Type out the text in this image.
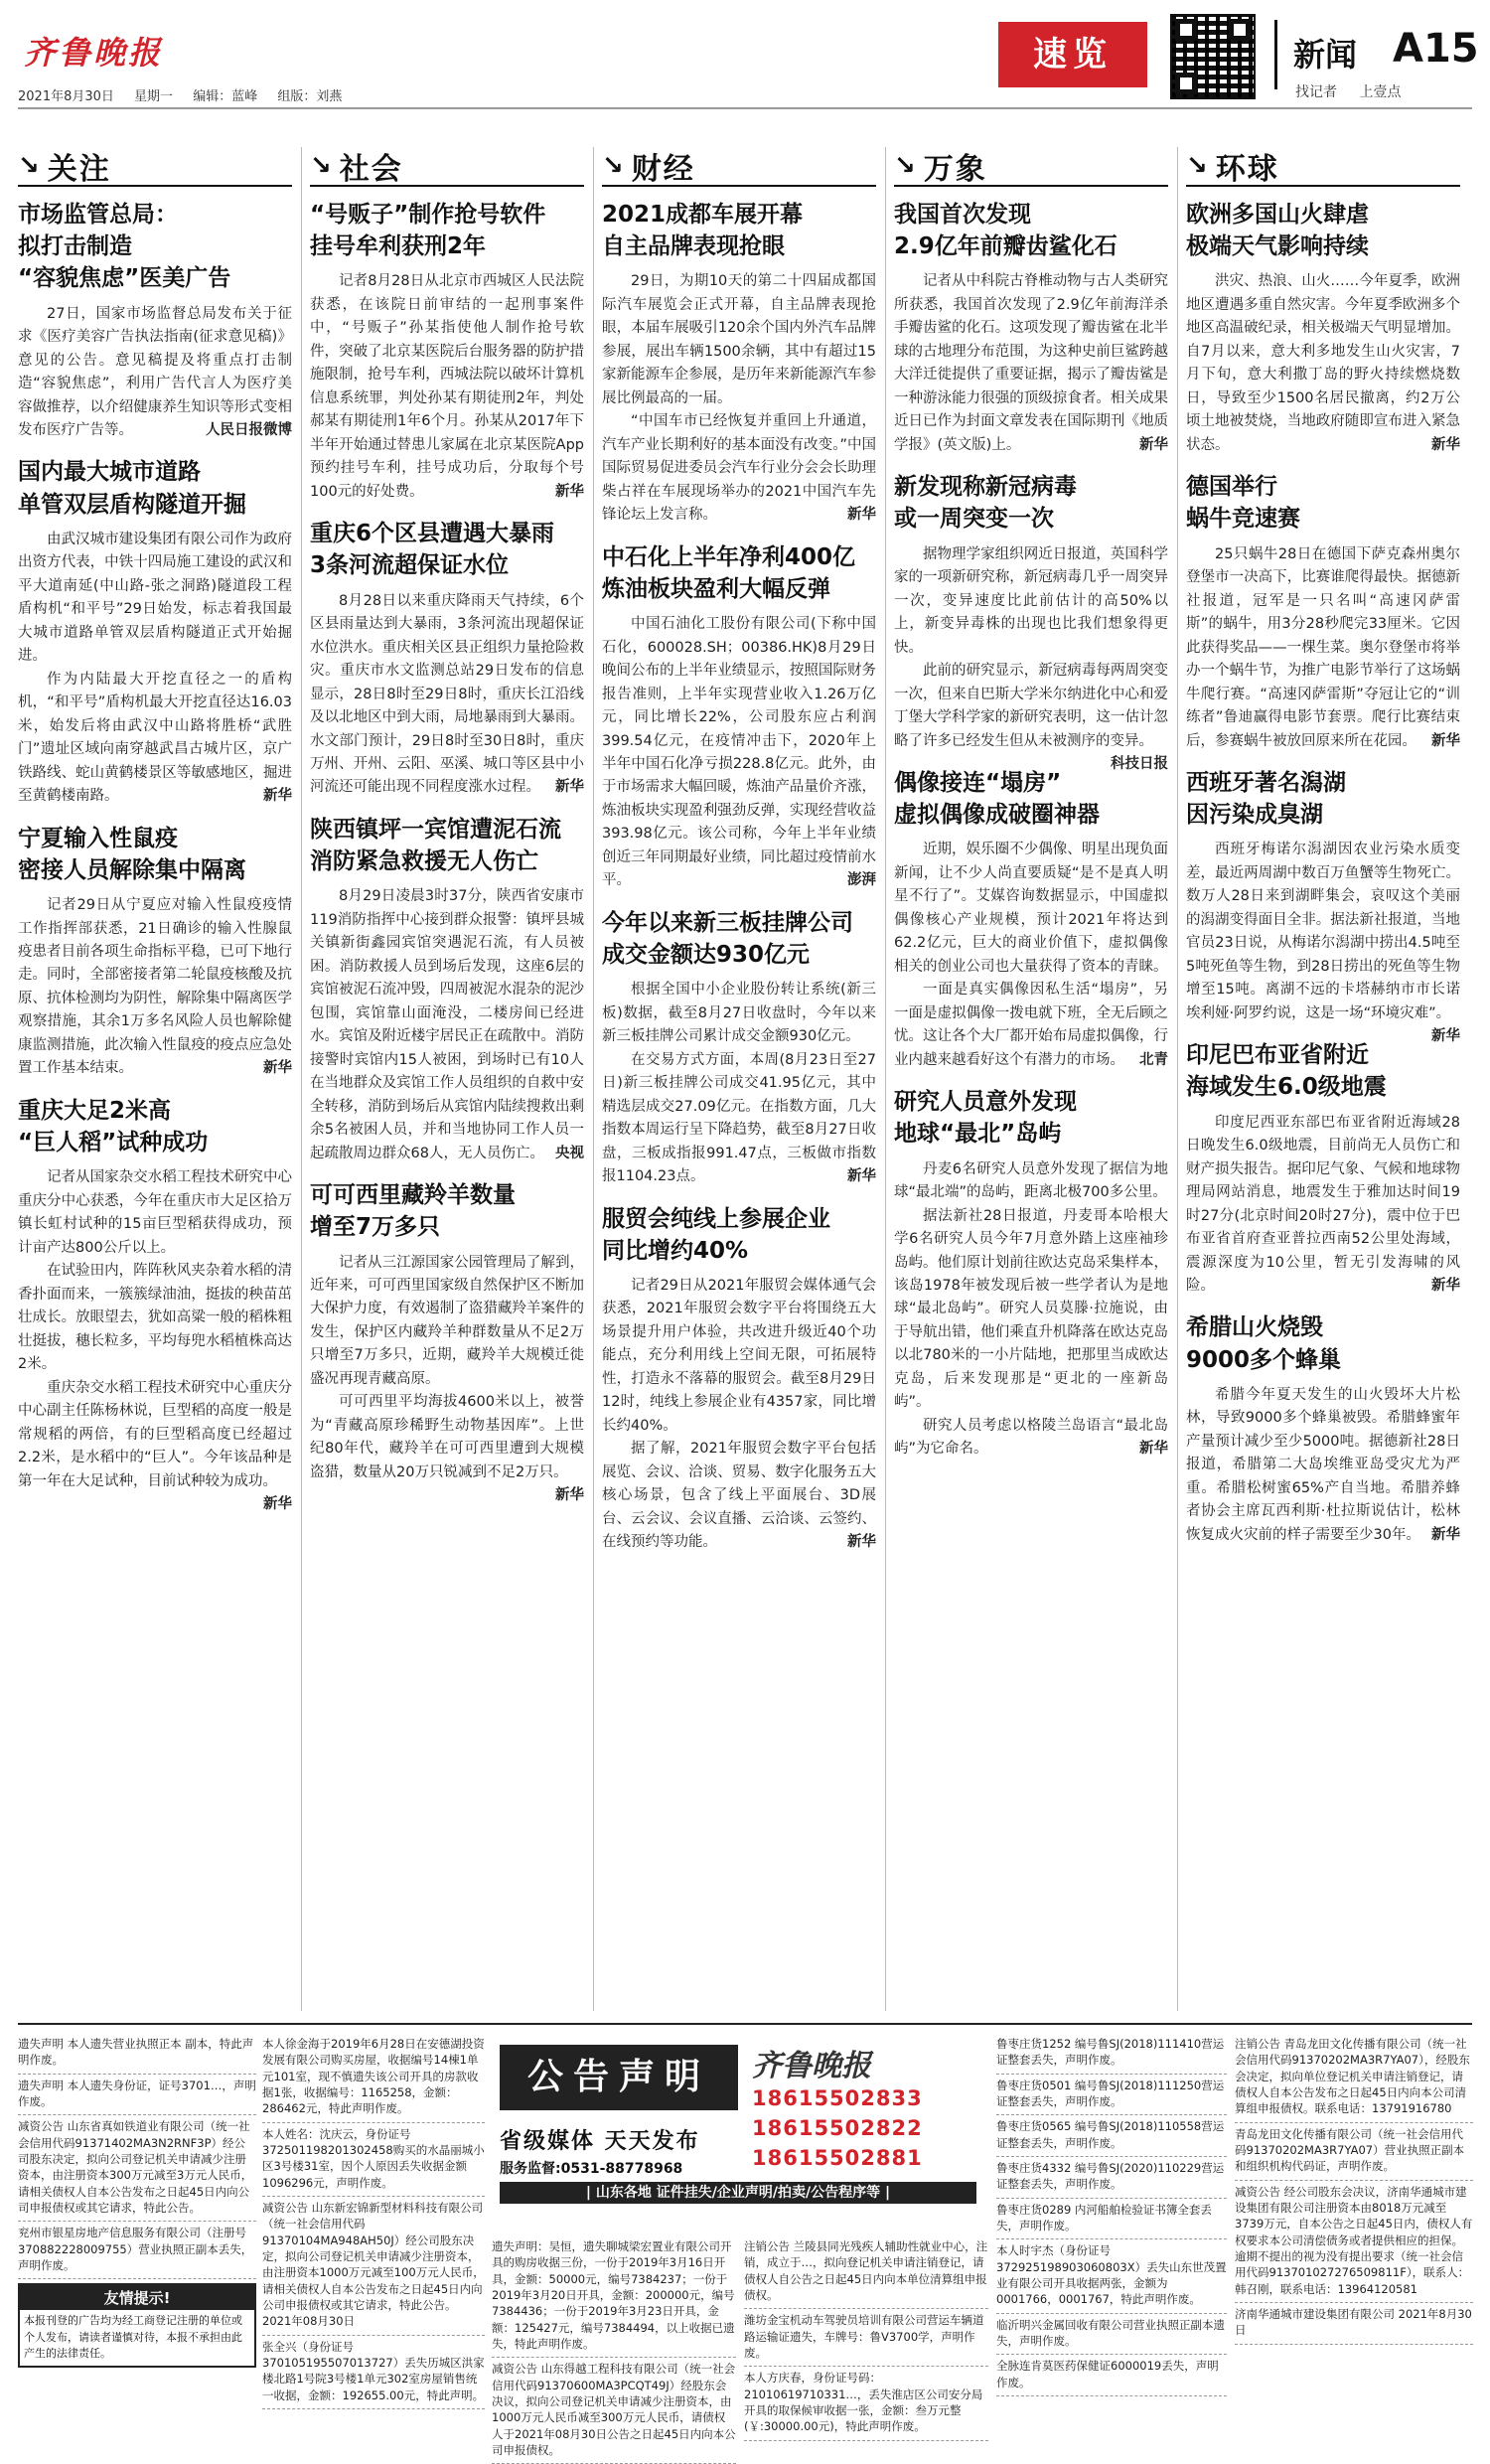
齐鲁晚报
2021年8月30日 星期一 编辑：蓝峰 组版：刘燕
速览	新闻 A15
找记者 上壹点
↘ 关注
市场监管总局：
拟打击制造
“容貌焦虑”医美广告

27日，国家市场监督总局发布关于征求《医疗美容广告执法指南(征求意见稿)》意见的公告。意见稿提及将重点打击制造“容貌焦虑”，利用广告代言人为医疗美容做推荐，以介绍健康养生知识等形式变相发布医疗广告等。	人民日报微博

国内最大城市道路
单管双层盾构隧道开掘

由武汉城市建设集团有限公司作为政府出资方代表，中铁十四局施工建设的武汉和平大道南延(中山路-张之洞路)隧道段工程盾构机“和平号”29日始发，标志着我国最大城市道路单管双层盾构隧道正式开始掘进。

作为内陆最大开挖直径之一的盾构机，“和平号”盾构机最大开挖直径达16.03米，始发后将由武汉中山路将胜桥“武胜门”遗址区域向南穿越武昌古城片区，京广铁路线、蛇山黄鹤楼景区等敏感地区，掘进至黄鹤楼南路。	新华

宁夏输入性鼠疫
密接人员解除集中隔离

记者29日从宁夏应对输入性鼠疫疫情工作指挥部获悉，21日确诊的输入性腺鼠疫患者目前各项生命指标平稳，已可下地行走。同时，全部密接者第二轮鼠疫核酸及抗原、抗体检测均为阴性，解除集中隔离医学观察措施，其余1万多名风险人员也解除健康监测措施，此次输入性鼠疫的疫点应急处置工作基本结束。	新华

重庆大足2米高
“巨人稻”试种成功

记者从国家杂交水稻工程技术研究中心重庆分中心获悉，今年在重庆市大足区拾万镇长虹村试种的15亩巨型稻获得成功，预计亩产达800公斤以上。

在试验田内，阵阵秋风夹杂着水稻的清香扑面而来，一簇簇绿油油，挺拔的秧苗茁壮成长。放眼望去，犹如高粱一般的稻株粗壮挺拔，穗长粒多，平均每兜水稻植株高达2米。

重庆杂交水稻工程技术研究中心重庆分中心副主任陈杨林说，巨型稻的高度一般是常规稻的两倍，有的巨型稻高度已经超过2.2米，是水稻中的“巨人”。今年该品种是第一年在大足试种，目前试种较为成功。
新华

↘ 社会
“号贩子”制作抢号软件
挂号牟利获刑2年

记者8月28日从北京市西城区人民法院获悉，在该院日前审结的一起刑事案件中，“号贩子”孙某指使他人制作抢号软件，突破了北京某医院后台服务器的防护措施限制，抢号车利，西城法院以破坏计算机信息系统罪，判处孙某有期徒刑2年，判处郝某有期徒刑1年6个月。孙某从2017年下半年开始通过替患儿家属在北京某医院App预约挂号车利，挂号成功后，分取每个号100元的好处费。	新华

重庆6个区县遭遇大暴雨
3条河流超保证水位

8月28日以来重庆降雨天气持续，6个区县雨量达到大暴雨，3条河流出现超保证水位洪水。重庆相关区县正组织力量抢险救灾。重庆市水文监测总站29日发布的信息显示，28日8时至29日8时，重庆长江沿线及以北地区中到大雨，局地暴雨到大暴雨。水文部门预计，29日8时至30日8时，重庆万州、开州、云阳、巫溪、城口等区县中小河流还可能出现不同程度涨水过程。 新华

陕西镇坪一宾馆遭泥石流
消防紧急救援无人伤亡

8月29日凌晨3时37分，陕西省安康市119消防指挥中心接到群众报警：镇坪县城关镇新街鑫园宾馆突遇泥石流，有人员被困。消防救援人员到场后发现，这座6层的宾馆被泥石流冲毁，四周被泥水混杂的泥沙包围，宾馆靠山面淹没，二楼房间已经进水。宾馆及附近楼宇居民正在疏散中。消防接警时宾馆内15人被困，到场时已有10人在当地群众及宾馆工作人员组织的自救中安全转移，消防到场后从宾馆内陆续搜救出剩余5名被困人员，并和当地协同工作人员一起疏散周边群众68人，无人员伤亡。 央视

可可西里藏羚羊数量
增至7万多只

记者从三江源国家公园管理局了解到，近年来，可可西里国家级自然保护区不断加大保护力度，有效遏制了盗猎藏羚羊案件的发生，保护区内藏羚羊种群数量从不足2万只增至7万多只，近期，藏羚羊大规模迁徙盛况再现青藏高原。

可可西里平均海拔4600米以上，被誉为“青藏高原珍稀野生动物基因库”。上世纪80年代，藏羚羊在可可西里遭到大规模盗猎，数量从20万只锐减到不足2万只。
新华

↘ 财经
2021成都车展开幕
自主品牌表现抢眼

29日，为期10天的第二十四届成都国际汽车展览会正式开幕，自主品牌表现抢眼，本届车展吸引120余个国内外汽车品牌参展，展出车辆1500余辆，其中有超过15家新能源车企参展，是历年来新能源汽车参展比例最高的一届。

“中国车市已经恢复并重回上升通道，汽车产业长期利好的基本面没有改变。”中国国际贸易促进委员会汽车行业分会会长助理柴占祥在车展现场举办的2021中国汽车先锋论坛上发言称。	新华

中石化上半年净利400亿
炼油板块盈利大幅反弹

中国石油化工股份有限公司(下称中国石化，600028.SH；00386.HK)8月29日晚间公布的上半年业绩显示，按照国际财务报告准则，上半年实现营业收入1.26万亿元，同比增长22%，公司股东应占利润399.54亿元，在疫情冲击下，2020年上半年中国石化净亏损228.8亿元。此外，由于市场需求大幅回暖，炼油产品量价齐涨，炼油板块实现盈利强劲反弹，实现经营收益393.98亿元。该公司称，今年上半年业绩创近三年同期最好业绩，同比超过疫情前水平。	澎湃

今年以来新三板挂牌公司
成交金额达930亿元

根据全国中小企业股份转让系统(新三板)数据，截至8月27日收盘时，今年以来新三板挂牌公司累计成交金额930亿元。

在交易方式方面，本周(8月23日至27日)新三板挂牌公司成交41.95亿元，其中精选层成交27.09亿元。在指数方面，几大指数本周运行呈下降趋势，截至8月27日收盘，三板成指报991.47点，三板做市指数报1104.23点。	新华

服贸会纯线上参展企业
同比增约40%

记者29日从2021年服贸会媒体通气会获悉，2021年服贸会数字平台将围绕五大场景提升用户体验，共改进升级近40个功能点，充分利用线上空间无限，可拓展特性，打造永不落幕的服贸会。截至8月29日12时，纯线上参展企业有4357家，同比增长约40%。

据了解，2021年服贸会数字平台包括展览、会议、洽谈、贸易、数字化服务五大核心场景，包含了线上平面展台、3D展台、云会议、会议直播、云洽谈、云签约、在线预约等功能。	新华

↘ 万象
我国首次发现
2.9亿年前瓣齿鲨化石

记者从中科院古脊椎动物与古人类研究所获悉，我国首次发现了2.9亿年前海洋杀手瓣齿鲨的化石。这项发现了瓣齿鲨在北半球的古地理分布范围，为这种史前巨鲨跨越大洋迁徙提供了重要证据，揭示了瓣齿鲨是一种游泳能力很强的顶级掠食者。相关成果近日已作为封面文章发表在国际期刊《地质学报》(英文版)上。	新华

新发现称新冠病毒
或一周突变一次

据物理学家组织网近日报道，英国科学家的一项新研究称，新冠病毒几乎一周突异一次，变异速度比此前估计的高50%以上，新变异毒株的出现也比我们想象得更快。

此前的研究显示，新冠病毒每两周突变一次，但来自巴斯大学米尔纳进化中心和爱丁堡大学科学家的新研究表明，这一估计忽略了许多已经发生但从未被测序的变异。
科技日报

偶像接连“塌房”
虚拟偶像成破圈神器

近期，娱乐圈不少偶像、明星出现负面新闻，让不少人尚直要质疑“是不是真人明星不行了”。艾媒咨询数据显示，中国虚拟偶像核心产业规模，预计2021年将达到62.2亿元，巨大的商业价值下，虚拟偶像相关的创业公司也大量获得了资本的青睐。

一面是真实偶像因私生活“塌房”，另一面是虚拟偶像一拨电就下班，全无后顾之忧。这让各个大厂都开始布局虚拟偶像，行业内越来越看好这个有潜力的市场。 北青

研究人员意外发现
地球“最北”岛屿

丹麦6名研究人员意外发现了据信为地球“最北端”的岛屿，距离北极700多公里。

据法新社28日报道，丹麦哥本哈根大学6名研究人员今年7月意外踏上这座袖珍岛屿。他们原计划前往欧达克岛采集样本，该岛1978年被发现后被一些学者认为是地球“最北岛屿”。研究人员莫滕·拉施说，由于导航出错，他们乘直升机降落在欧达克岛以北780米的一小片陆地，把那里当成欧达克岛，后来发现那是“更北的一座新岛屿”。

研究人员考虑以格陵兰岛语言“最北岛屿”为它命名。	新华

↘ 环球
欧洲多国山火肆虐
极端天气影响持续

洪灾、热浪、山火……今年夏季，欧洲地区遭遇多重自然灾害。今年夏季欧洲多个地区高温破纪录，相关极端天气明显增加。自7月以来，意大利多地发生山火灾害，7月下旬，意大利撒丁岛的野火持续燃烧数日，导致至少1500名居民撤离，约2万公顷土地被焚烧，当地政府随即宣布进入紧急状态。	新华

德国举行
蜗牛竞速赛

25只蜗牛28日在德国下萨克森州奥尔登堡市一决高下，比赛谁爬得最快。据德新社报道，冠军是一只名叫“高速冈萨雷斯”的蜗牛，用3分28秒爬完33厘米。它因此获得奖品——一棵生菜。奥尔登堡市将举办一个蜗牛节，为推广电影节举行了这场蜗牛爬行赛。“高速冈萨雷斯”夺冠让它的“训练者”鲁迪赢得电影节套票。爬行比赛结束后，参赛蜗牛被放回原来所在花园。 新华

西班牙著名潟湖
因污染成臭湖

西班牙梅诺尔潟湖因农业污染水质变差，最近两周湖中数百万鱼蟹等生物死亡。数万人28日来到湖畔集会，哀叹这个美丽的潟湖变得面目全非。据法新社报道，当地官员23日说，从梅诺尔潟湖中捞出4.5吨至5吨死鱼等生物，到28日捞出的死鱼等生物增至15吨。离湖不远的卡塔赫纳市市长诺埃利娅·阿罗约说，这是一场“环境灾难”。
新华

印尼巴布亚省附近
海域发生6.0级地震

印度尼西亚东部巴布亚省附近海域28日晚发生6.0级地震，目前尚无人员伤亡和财产损失报告。据印尼气象、气候和地球物理局网站消息，地震发生于雅加达时间19时27分(北京时间20时27分)，震中位于巴布亚省首府查亚普拉西南52公里处海域，震源深度为10公里，暂无引发海啸的风险。	新华

希腊山火烧毁
9000多个蜂巢

希腊今年夏天发生的山火毁坏大片松林，导致9000多个蜂巢被毁。希腊蜂蜜年产量预计减少至少5000吨。据德新社28日报道，希腊第二大岛埃维亚岛受灾尤为严重。希腊松树蜜65%产自当地。希腊养蜂者协会主席瓦西利斯·杜拉斯说估计，松林恢复成火灾前的样子需要至少30年。 新华

遗失声明 本人遗失营业执照正本 副本，特此声明作废。
遗失声明 本人遗失身份证，证号3701…，声明作废。
减资公告 山东省真如铁道业有限公司（统一社会信用代码91371402MA3N2RNF3P）经公司股东决定，拟向公司登记机关申请减少注册资本，由注册资本300万元减至3万元人民币，请相关债权人自本公告发布之日起45日内向公司申报债权或其它请求，特此公告。
兖州市银星房地产信息服务有限公司（注册号370882228009755）营业执照正副本丢失，声明作废。
友情提示!
本报刊登的广告均为经工商登记注册的单位或个人发布，请读者谨慎对待，本报不承担由此产生的法律责任。
本人徐金海于2019年6月28日在安德湖投资发展有限公司购买房屋，收据编号14棟1单元101室，现不慎遗失该公司开具的房款收据1张，收据编号：1165258，金额：286462元，特此声明作废。
本人姓名：沈庆云，身份证号372501198201302458购买的水晶丽城小区3号楼31室，因个人原因丢失收据金额1096296元，声明作废。
减资公告 山东新宏锦新型材料科技有限公司（统一社会信用代码91370104MA948AH50J）经公司股东决定，拟向公司登记机关申请减少注册资本，由注册资本1000万元减至100万元人民币，请相关债权人自本公告发布之日起45日内向公司申报债权或其它请求，特此公告。2021年08月30日
张全兴（身份证号370105195507013727）丢失历城区洪家楼北路1号院3号楼1单元302室房屋销售统一收据，金额：192655.00元，特此声明。
公告声明	齐鲁晚报
18615502833
18615502822
18615502881
省级媒体 天天发布
服务监督:0531-88778968
| 山东各地 证件挂失/企业声明/拍卖/公告程序等 |
遗失声明：吴恒，遗失聊城梁宏置业有限公司开具的购房收据三份，一份于2019年3月16日开具，金额：50000元，编号7384237；一份于2019年3月20日开具，金额：200000元，编号7384436；一份于2019年3月23日开具，金额：125427元，编号7384494，以上收据已遗失，特此声明作废。
减资公告 山东得越工程科技有限公司（统一社会信用代码91370600MA3PCQT49J）经股东会决议，拟向公司登记机关申请减少注册资本，由1000万元人民币减至300万元人民币，请债权人于2021年08月30日公告之日起45日内向本公司申报债权。
注销公告 兰陵县同光残疾人辅助性就业中心，注销，成立于…，拟向登记机关申请注销登记，请债权人自公告之日起45日内向本单位清算组申报债权。
潍坊金宝机动车驾驶员培训有限公司营运车辆道路运输证遗失，车牌号：鲁V3700学，声明作废。
本人方庆春，身份证号码：21010619710331…，丢失淮店区公司安分局开具的取保候审收据一张，金额：叁万元整(￥:30000.00元)，特此声明作废。
鲁枣庄货1252 编号鲁SJ(2018)111410营运证整套丢失，声明作废。
鲁枣庄货0501 编号鲁SJ(2018)111250营运证整套丢失，声明作废。
鲁枣庄货0565 编号鲁SJ(2018)110558营运证整套丢失，声明作废。
鲁枣庄货4332 编号鲁SJ(2020)110229营运证整套丢失，声明作废。
鲁枣庄货0289 内河船舶检验证书簿全套丢失，声明作废。
本人时宇杰（身份证号372925198903060803X）丢失山东世茂置业有限公司开具收据两张，金额为0001766，0001767，特此声明作废。
临沂明兴金属回收有限公司营业执照正副本遗失，声明作废。
全脉连肯莫医药保健证6000019丢失，声明作废。
注销公告 青岛龙田文化传播有限公司（统一社会信用代码91370202MA3R7YA07），经股东会决定，拟向单位登记机关申请注销登记，请债权人自本公告发布之日起45日内向本公司清算组申报债权。联系电话：13791916780
青岛龙田文化传播有限公司（统一社会信用代码91370202MA3R7YA07）营业执照正副本和组织机构代码证，声明作废。
减资公告 经公司股东会决议，济南华通城市建设集团有限公司注册资本由8018万元减至3739万元，自本公告之日起45日内，债权人有权要求本公司清偿债务或者提供相应的担保。逾期不提出的视为没有提出要求（统一社会信用代码913701027276509811F），联系人：韩召刚，联系电话：13964120581
济南华通城市建设集团有限公司 2021年8月30日
